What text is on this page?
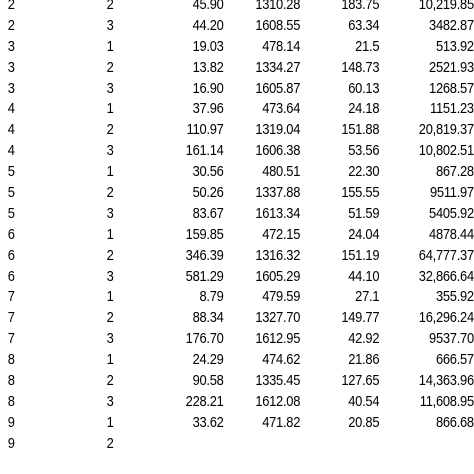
2	2	45.90 1310.28	183.75	10,219.85
2	3	44.20 1608.55	63.34	3482.87
3	1	19.03	478.14	21.5	513.92
3	2	13.82 1334.27	148.73	2521.93
3	3	16.90 1605.87	60.13	1268.57
4	1	37.96	473.64	24.18	1151.23
4	2	110.97 1319.04	151.88	20,819.37
4	3	161.14 1606.38	53.56	10,802.51
5	1	30.56	480.51	22.30	867.28
5	2	50.26 1337.88	155.55	9511.97
5	3	83.67 1613.34	51.59	5405.92
6	1	159.85	472.15	24.04	4878.44
6	2	346.39 1316.32	151.19	64,777.37
6	3	581.29 1605.29	44.10	32,866.64
7	1	8.79	479.59	27.1	355.92
7	2	88.34 1327.70	149.77	16,296.24
7	3	176.70 1612.95	42.92	9537.70
8	1	24.29	474.62	21.86	666.57
8	2	90.58 1335.45	127.65	14,363.96
8	3	228.21 1612.08	40.54	11,608.95
9	1	33.62	471.82	20.85	866.68
9	2
